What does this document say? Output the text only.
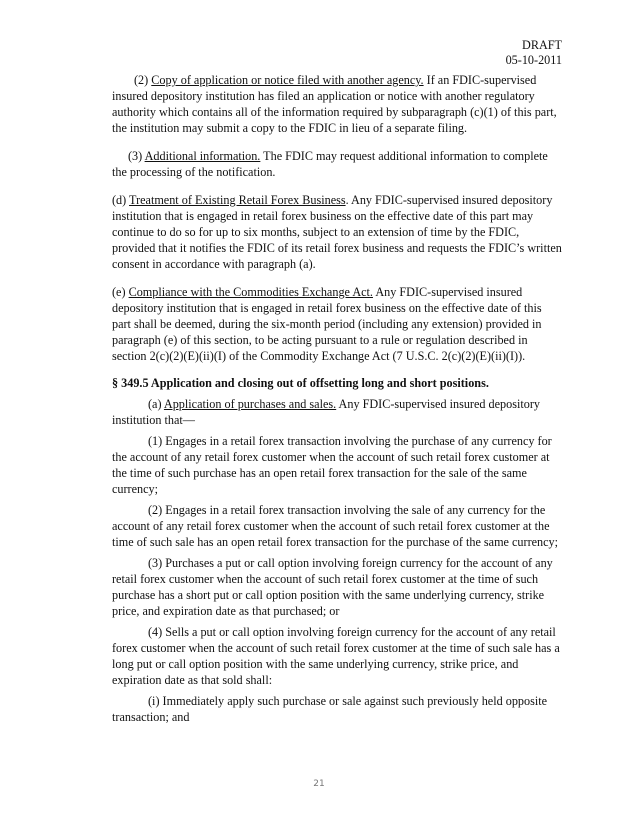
DRAFT
05-10-2011

(2) Copy of application or notice filed with another agency. If an FDIC-supervised insured depository institution has filed an application or notice with another regulatory authority which contains all of the information required by subparagraph (c)(1) of this part, the institution may submit a copy to the FDIC in lieu of a separate filing.

(3) Additional information. The FDIC may request additional information to complete the processing of the notification.

(d) Treatment of Existing Retail Forex Business. Any FDIC-supervised insured depository institution that is engaged in retail forex business on the effective date of this part may continue to do so for up to six months, subject to an extension of time by the FDIC, provided that it notifies the FDIC of its retail forex business and requests the FDIC’s written consent in accordance with paragraph (a).

(e) Compliance with the Commodities Exchange Act. Any FDIC-supervised insured depository institution that is engaged in retail forex business on the effective date of this part shall be deemed, during the six-month period (including any extension) provided in paragraph (e) of this section, to be acting pursuant to a rule or regulation described in section 2(c)(2)(E)(ii)(I) of the Commodity Exchange Act (7 U.S.C. 2(c)(2)(E)(ii)(I)).

§ 349.5 Application and closing out of offsetting long and short positions.

(a) Application of purchases and sales. Any FDIC-supervised insured depository institution that—

(1) Engages in a retail forex transaction involving the purchase of any currency for the account of any retail forex customer when the account of such retail forex customer at the time of such purchase has an open retail forex transaction for the sale of the same currency;

(2) Engages in a retail forex transaction involving the sale of any currency for the account of any retail forex customer when the account of such retail forex customer at the time of such sale has an open retail forex transaction for the purchase of the same currency;

(3) Purchases a put or call option involving foreign currency for the account of any retail forex customer when the account of such retail forex customer at the time of such purchase has a short put or call option position with the same underlying currency, strike price, and expiration date as that purchased; or

(4) Sells a put or call option involving foreign currency for the account of any retail forex customer when the account of such retail forex customer at the time of such sale has a long put or call option position with the same underlying currency, strike price, and expiration date as that sold shall:

(i) Immediately apply such purchase or sale against such previously held opposite transaction; and

21
